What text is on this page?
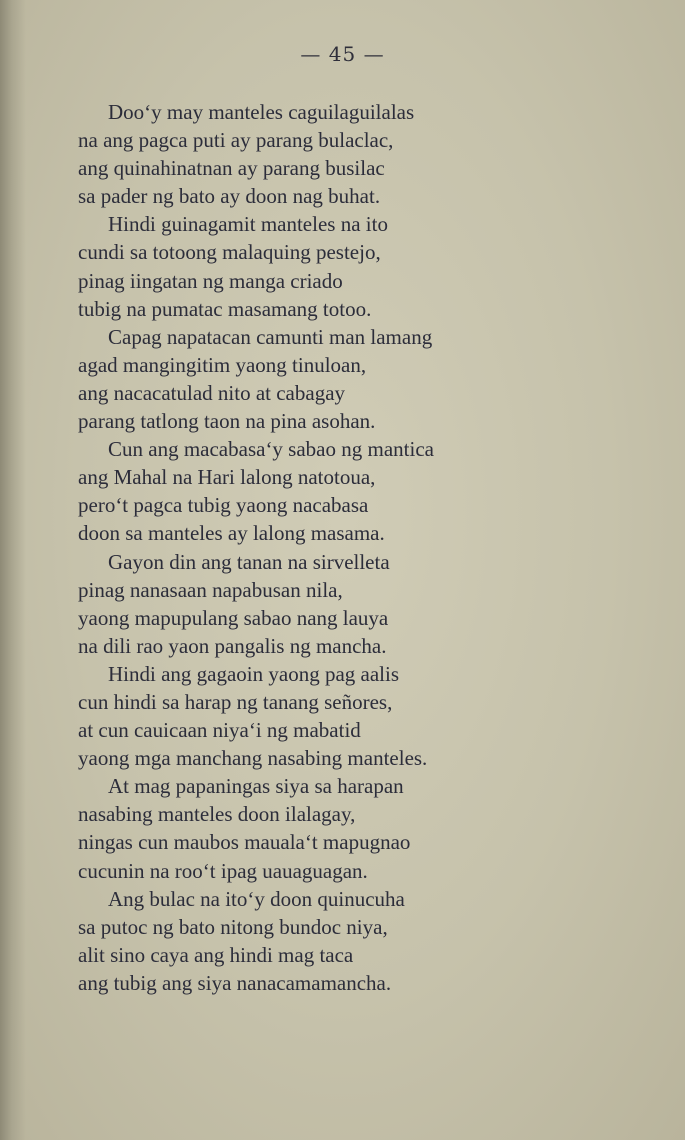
— 45 —
Doo‘y may manteles caguilaguilalas
na ang pagca puti ay parang bulaclac,
ang quinahinatnan ay parang busilac
sa pader ng bato ay doon nag buhat.
Hindi guinagamit manteles na ito
cundi sa totoong malaquing pestejo,
pinag iingatan ng manga criado
tubig na pumatac masamang totoo.
Capag napatacan camunti man lamang
agad mangingitim yaong tinuloan,
ang nacacatulad nito at cabagay
parang tatlong taon na pina asohan.
Cun ang macabasa‘y sabao ng mantica
ang Mahal na Hari lalong natotoua,
pero‘t pagca tubig yaong nacabasa
doon sa manteles ay lalong masama.
Gayon din ang tanan na sirvelleta
pinag nanasaan napabusan nila,
yaong mapupulang sabao nang lauya
na dili rao yaon pangalis ng mancha.
Hindi ang gagaoin yaong pag aalis
cun hindi sa harap ng tanang señores,
at cun cauicaan niya‘i ng mabatid
yaong mga manchang nasabing manteles.
At mag papaningas siya sa harapan
nasabing manteles doon ilalagay,
ningas cun maubos mauala‘t mapugnao
cucunin na roo‘t ipag uauaguagan.
Ang bulac na ito‘y doon quinucuha
sa putoc ng bato nitong bundoc niya,
alit sino caya ang hindi mag taca
ang tubig ang siya nanacamamancha.
